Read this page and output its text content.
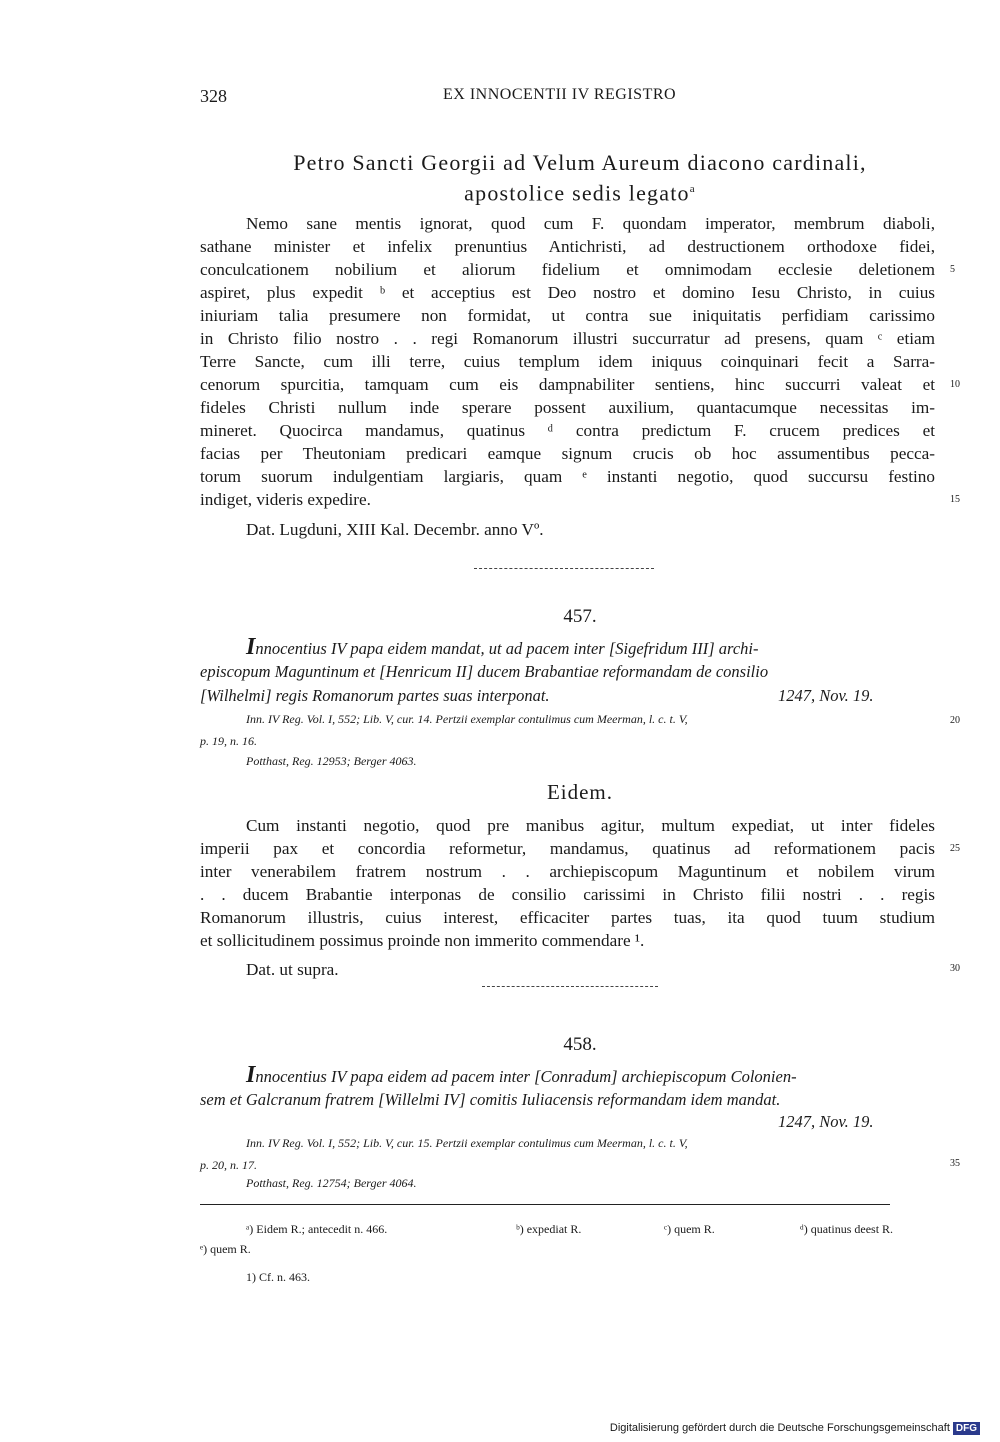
328	EX INNOCENTII IV REGISTRO
Petro Sancti Georgii ad Velum Aureum diacono cardinali,
apostolice sedis legato$^a$
Nemo sane mentis ignorat, quod cum F. quondam imperator, membrum diaboli,
sathane minister et infelix prenuntius Antichristi, ad destructionem orthodoxe fidei,
conculcationem nobilium et aliorum fidelium et omnimodam ecclesie deletionem
aspiret, plus expedit ᵇ et acceptius est Deo nostro et domino Iesu Christo, in cuius
iniuriam talia presumere non formidat, ut contra sue iniquitatis perfidiam carissimo
in Christo filio nostro . . regi Romanorum illustri succurratur ad presens, quam ᶜ etiam
Terre Sancte, cum illi terre, cuius templum idem iniquus coinquinari fecit a Sarra-
cenorum spurcitia, tamquam cum eis dampnabiliter sentiens, hinc succurri valeat et
fideles Christi nullum inde sperare possent auxilium, quantacumque necessitas im-
mineret. Quocirca mandamus, quatinus ᵈ contra predictum F. crucem predices et
facias per Theutoniam predicari eamque signum crucis ob hoc assumentibus pecca-
torum suorum indulgentiam largiaris, quam ᵉ instanti negotio, quod succursu festino
indiget, videris expedire.
Dat. Lugduni, XIII Kal. Decembr. anno Vº.
5
10
15
457.
Innocentius IV papa eidem mandat, ut ad pacem inter [Sigefridum III] archi-
episcopum Maguntinum et [Henricum II] ducem Brabantiae reformandam de consilio
[Wilhelmi] regis Romanorum partes suas interponat.	1247, Nov. 19.
Inn. IV Reg. Vol. I, 552; Lib. V, cur. 14. Pertzii exemplar contulimus cum Meerman, l. c. t. V,
p. 19, n. 16.
Potthast, Reg. 12953; Berger 4063.
20
Eidem.
Cum instanti negotio, quod pre manibus agitur, multum expediat, ut inter fideles
imperii pax et concordia reformetur, mandamus, quatinus ad reformationem pacis
inter venerabilem fratrem nostrum . . archiepiscopum Maguntinum et nobilem virum
. . ducem Brabantie interponas de consilio carissimi in Christo filii nostri . . regis
Romanorum illustris, cuius interest, efficaciter partes tuas, ita quod tuum studium
et sollicitudinem possimus proinde non immerito commendare ¹.
Dat. ut supra.
25
30
458.
Innocentius IV papa eidem ad pacem inter [Conradum] archiepiscopum Colonien-
sem et Galcranum fratrem [Willelmi IV] comitis Iuliacensis reformandam idem mandat.
1247, Nov. 19.
Inn. IV Reg. Vol. I, 552; Lib. V, cur. 15. Pertzii exemplar contulimus cum Meerman, l. c. t. V,
p. 20, n. 17.
Potthast, Reg. 12754; Berger 4064.
35
ᵃ) Eidem R.; antecedit n. 466.	ᵇ) expediat R.	ᶜ) quem R.	ᵈ) quatinus deest R.
ᵉ) quem R.
1) Cf. n. 463.
Digitalisierung gefördert durch die Deutsche Forschungsgemeinschaft DFG
